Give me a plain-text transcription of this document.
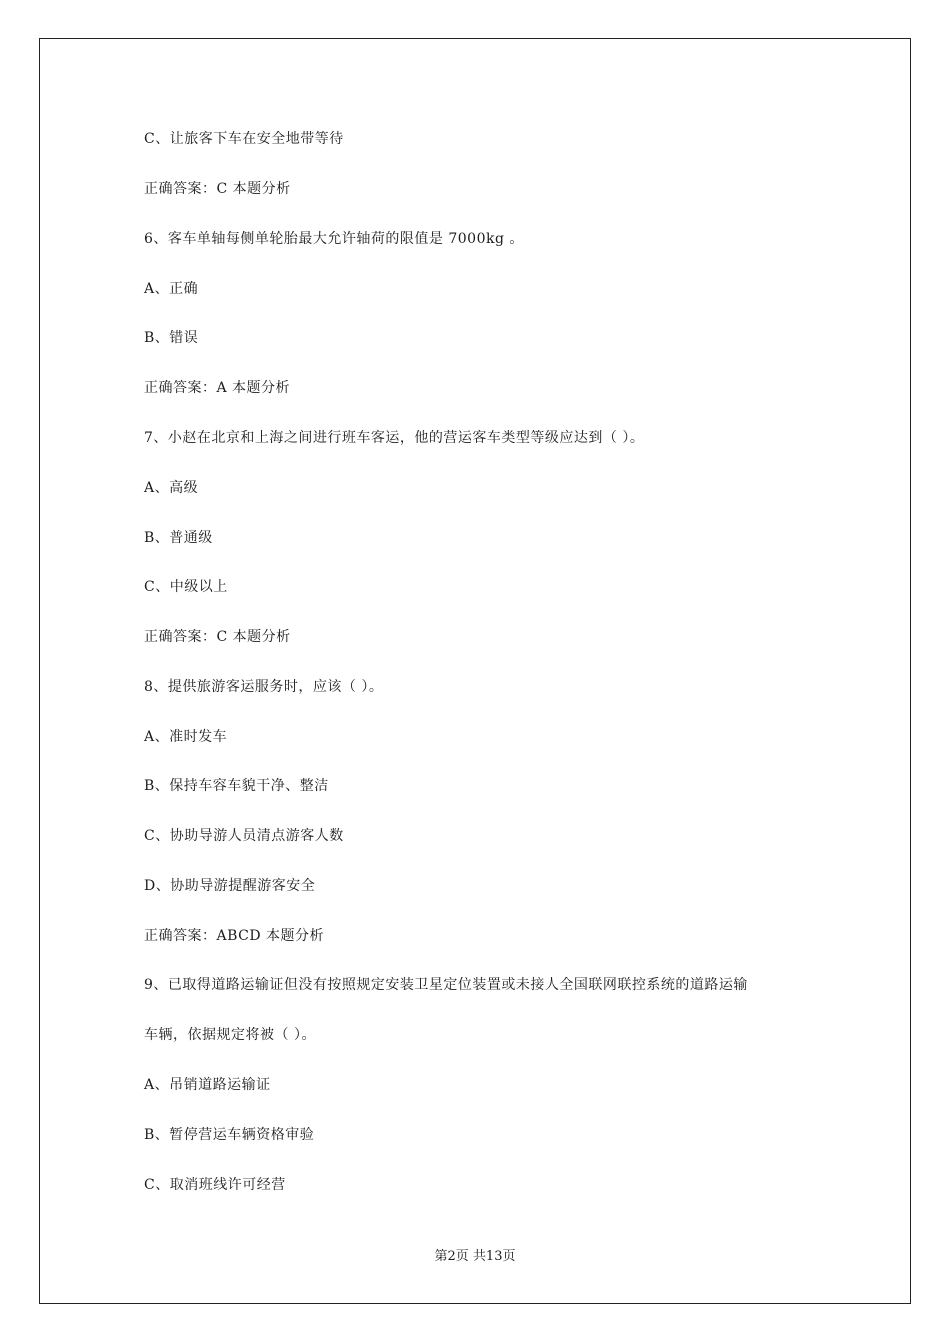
C、让旅客下车在安全地带等待
正确答案：C 本题分析
6、客车单轴每侧单轮胎最大允许轴荷的限值是 7000kg 。
A、正确
B、错误
正确答案：A 本题分析
7、小赵在北京和上海之间进行班车客运，他的营运客车类型等级应达到（ ）。
A、高级
B、普通级
C、中级以上
正确答案：C 本题分析
8、提供旅游客运服务时，应该（ ）。
A、准时发车
B、保持车容车貌干净、整洁
C、协助导游人员清点游客人数
D、协助导游提醒游客安全
正确答案：ABCD 本题分析
9、已取得道路运输证但没有按照规定安装卫星定位装置或未接人全国联网联控系统的道路运输
车辆，依据规定将被（ ）。
A、吊销道路运输证
B、暂停营运车辆资格审验
C、取消班线许可经营
第2页 共13页
